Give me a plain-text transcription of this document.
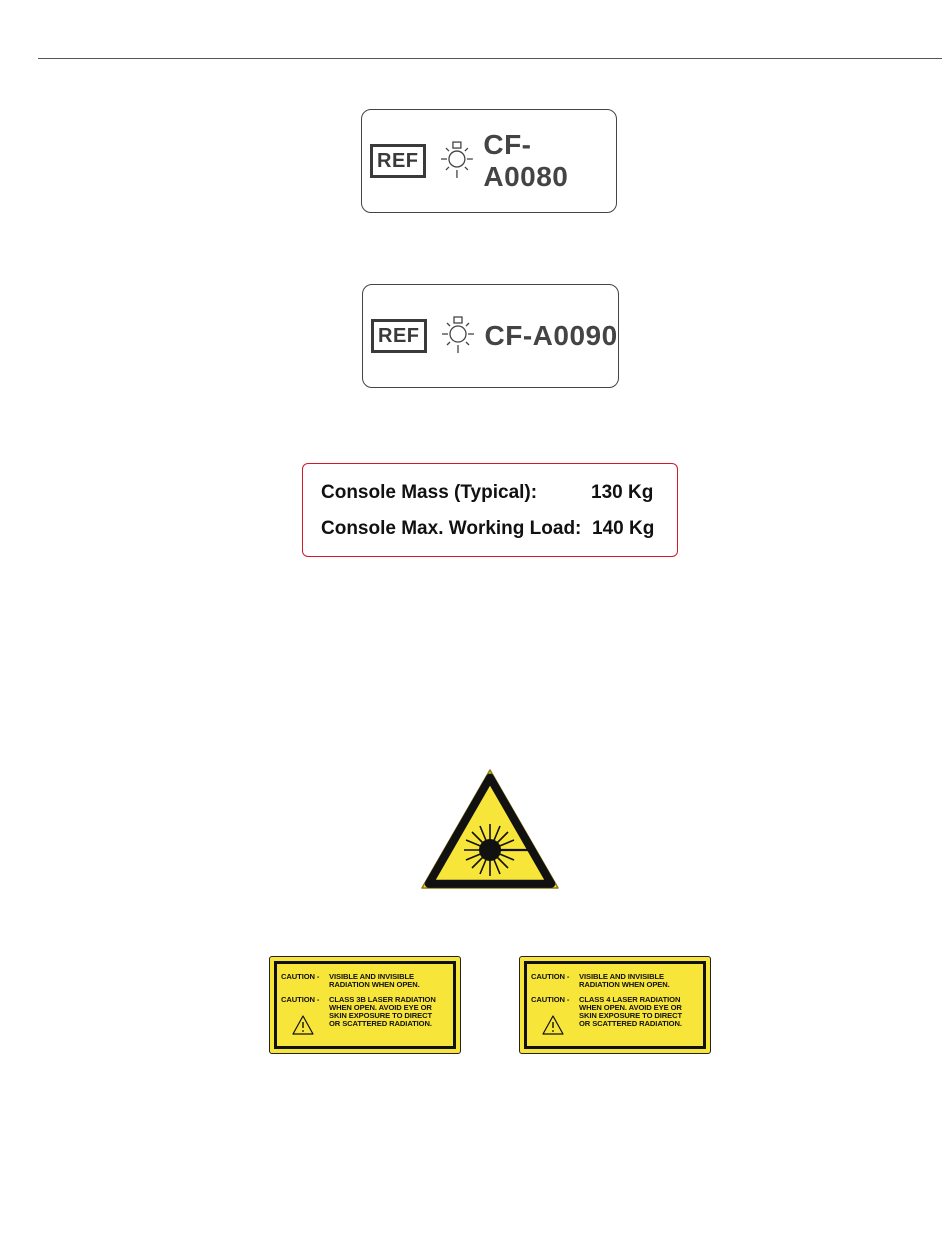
REF
CF-A0080
REF CF-A0090
Console Mass (Typical):	130 Kg
Console Max. Working Load: 140 Kg
CAUTION - VISIBLE AND INVISIBLE
RADIATION WHEN OPEN.
CAUTION - CLASS 3B LASER RADIATION
WHEN OPEN. AVOID EYE OR
SKIN EXPOSURE TO DIRECT
OR SCATTERED RADIATION.
CAUTION - VISIBLE AND INVISIBLE
RADIATION WHEN OPEN.
CAUTION - CLASS 4 LASER RADIATION
WHEN OPEN. AVOID EYE OR
SKIN EXPOSURE TO DIRECT
OR SCATTERED RADIATION.
